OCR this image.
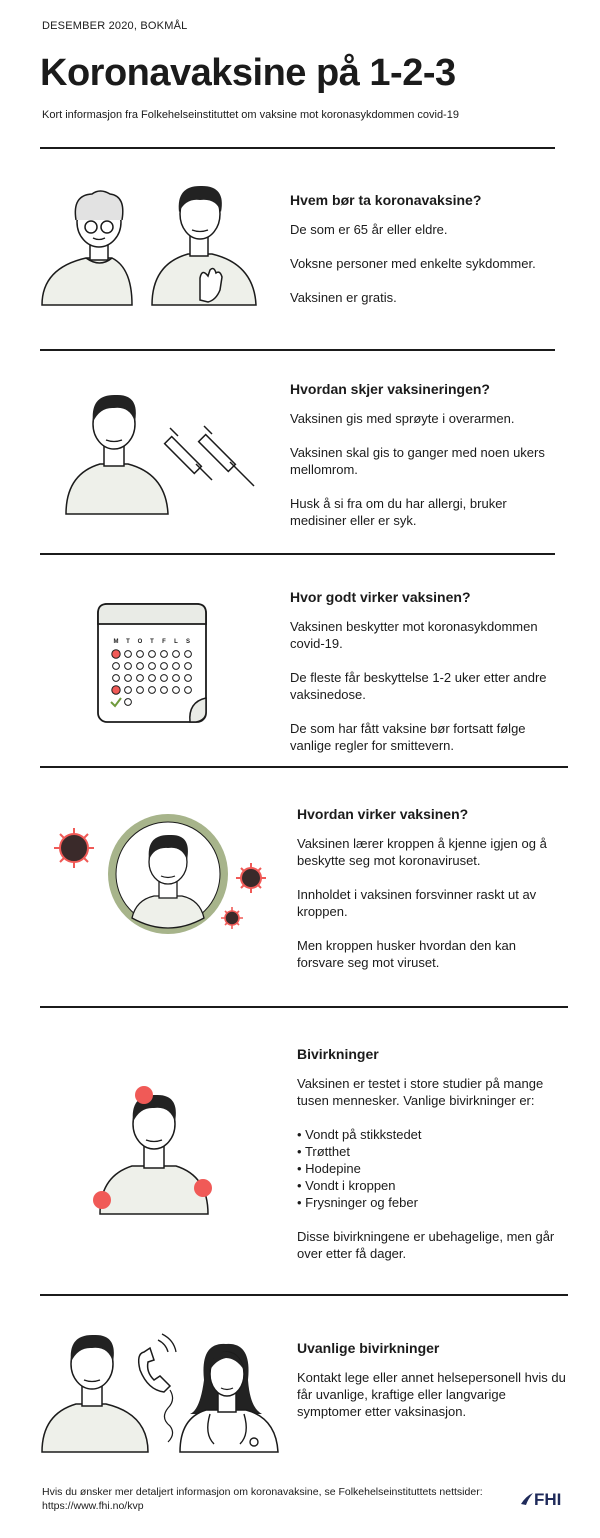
DESEMBER 2020, BOKMÅL
Koronavaksine på 1-2-3
Kort informasjon fra Folkehelseinstituttet om vaksine mot koronasykdommen covid-19
Hvem bør ta koronavaksine?

De som er 65 år eller eldre.

Voksne personer med enkelte sykdommer.

Vaksinen er gratis.

Hvordan skjer vaksineringen?

Vaksinen gis med sprøyte i overarmen.

Vaksinen skal gis to ganger med noen ukers mellomrom.

Husk å si fra om du har allergi, bruker medisiner eller er syk.

M T O T F L S
Hvor godt virker vaksinen?

Vaksinen beskytter mot koronasykdommen covid-19.

De fleste får beskyttelse 1-2 uker etter andre vaksinedose.

De som har fått vaksine bør fortsatt følge vanlige regler for smittevern.

Hvordan virker vaksinen?

Vaksinen lærer kroppen å kjenne igjen og å beskytte seg mot koronaviruset.

Innholdet i vaksinen forsvinner raskt ut av kroppen.

Men kroppen husker hvordan den kan forsvare seg mot viruset.

Bivirkninger

Vaksinen er testet i store studier på mange tusen mennesker. Vanlige bivirkninger er:

• Vondt på stikkstedet
• Trøtthet
• Hodepine
• Vondt i kroppen
• Frysninger og feber

Disse bivirkningene er ubehagelige, men går over etter få dager.

Uvanlige bivirkninger

Kontakt lege eller annet helsepersonell hvis du får uvanlige, kraftige eller langvarige symptomer etter vaksinasjon.

Hvis du ønsker mer detaljert informasjon om koronavaksine, se Folkehelseinstituttets nettsider:
https://www.fhi.no/kvp	FHI
